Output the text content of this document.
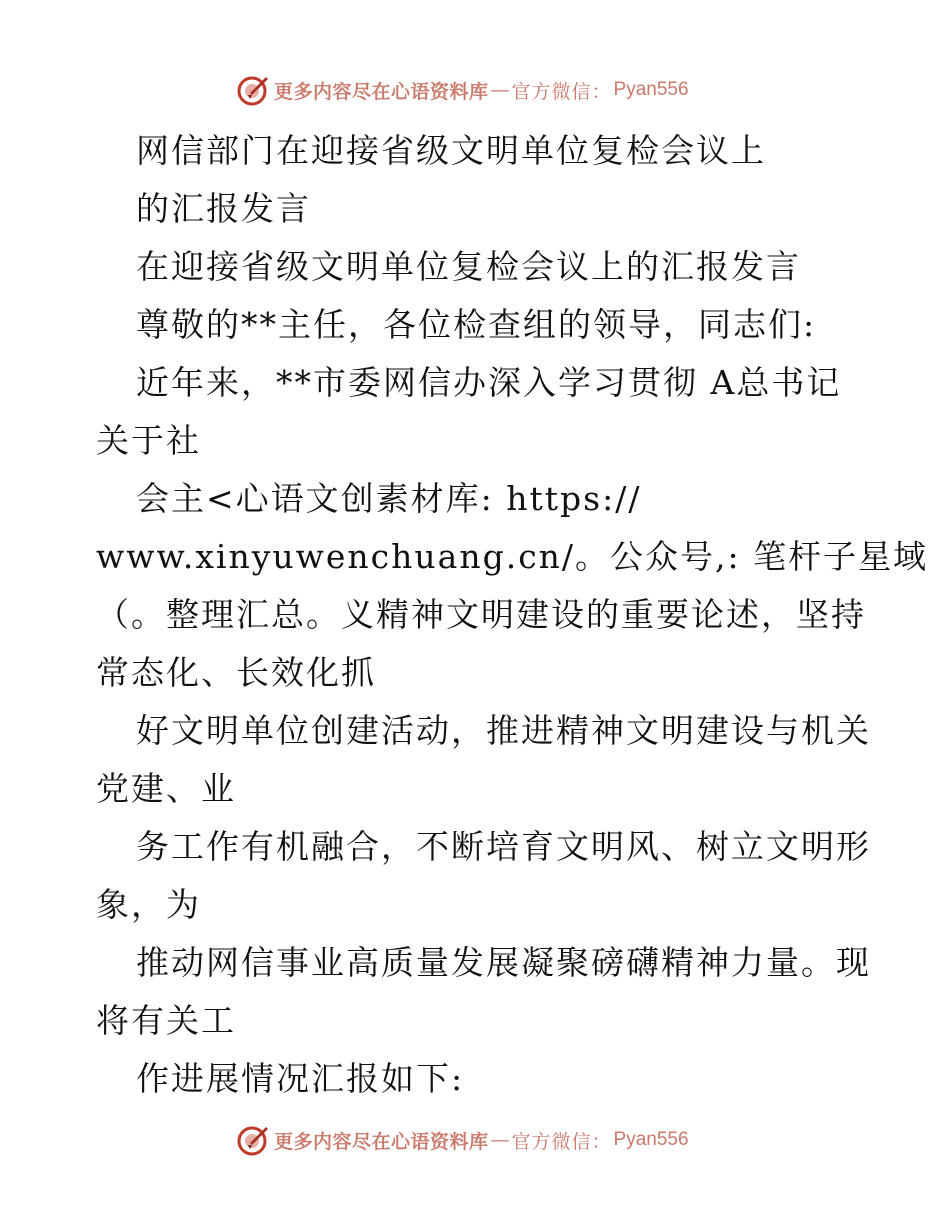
更多内容尽在心语资料库 — 官方微信： Pyan556
网信部门在迎接省级文明单位复检会议上
的汇报发言
在迎接省级文明单位复检会议上的汇报发言
尊敬的**主任，各位检查组的领导，同志们:
近年来，**市委网信办深入学习贯彻 A总书记
关于社
会主<心语文创素材库: https://
www.xinyuwenchuang.cn/。公众号,: 笔杆子星域
（。整理汇总。义精神文明建设的重要论述，坚持
常态化、长效化抓
好文明单位创建活动，推进精神文明建设与机关
党建、业
务工作有机融合，不断培育文明风、树立文明形
象，为
推动网信事业高质量发展凝聚磅礴精神力量。现
将有关工
作进展情况汇报如下:
更多内容尽在心语资料库 — 官方微信： Pyan556
